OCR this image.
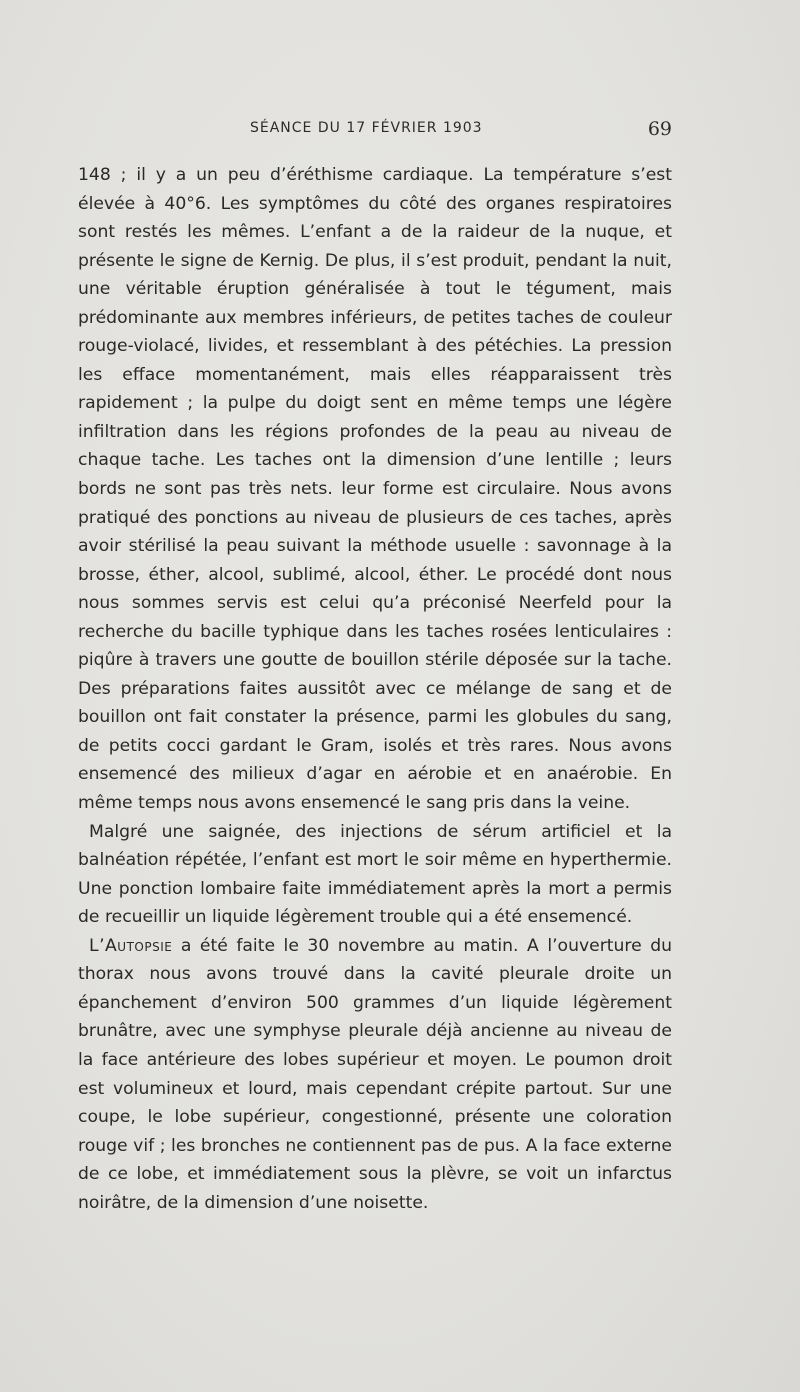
SÉANCE DU 17 FÉVRIER 1903	69

148 ; il y a un peu d’éréthisme cardiaque. La température s’est élevée à 40°6. Les symptômes du côté des organes respiratoires sont restés les mêmes. L’enfant a de la raideur de la nuque, et présente le signe de Kernig. De plus, il s’est produit, pendant la nuit, une véritable éruption généralisée à tout le tégument, mais prédominante aux membres inférieurs, de petites taches de couleur rouge-violacé, livides, et ressemblant à des pétéchies. La pression les efface momentanément, mais elles réapparaissent très rapidement ; la pulpe du doigt sent en même temps une légère infiltration dans les régions profondes de la peau au niveau de chaque tache. Les taches ont la dimension d’une lentille ; leurs bords ne sont pas très nets. leur forme est circulaire. Nous avons pratiqué des ponctions au niveau de plusieurs de ces taches, après avoir stérilisé la peau suivant la méthode usuelle : savonnage à la brosse, éther, alcool, sublimé, alcool, éther. Le procédé dont nous nous sommes servis est celui qu’a préconisé Neerfeld pour la recherche du bacille typhique dans les taches rosées lenticulaires : piqûre à travers une goutte de bouillon stérile déposée sur la tache. Des préparations faites aussitôt avec ce mélange de sang et de bouillon ont fait constater la présence, parmi les globules du sang, de petits cocci gardant le Gram, isolés et très rares. Nous avons ensemencé des milieux d’agar en aérobie et en anaérobie. En même temps nous avons ensemencé le sang pris dans la veine.

Malgré une saignée, des injections de sérum artificiel et la balnéation répétée, l’enfant est mort le soir même en hyperthermie. Une ponction lombaire faite immédiatement après la mort a permis de recueillir un liquide légèrement trouble qui a été ensemencé.

L’Autopsie a été faite le 30 novembre au matin. A l’ouverture du thorax nous avons trouvé dans la cavité pleurale droite un épanchement d’environ 500 grammes d’un liquide légèrement brunâtre, avec une symphyse pleurale déjà ancienne au niveau de la face antérieure des lobes supérieur et moyen. Le poumon droit est volumineux et lourd, mais cependant crépite partout. Sur une coupe, le lobe supérieur, congestionné, présente une coloration rouge vif ; les bronches ne contiennent pas de pus. A la face externe de ce lobe, et immédiatement sous la plèvre, se voit un infarctus noirâtre, de la dimension d’une noisette.
